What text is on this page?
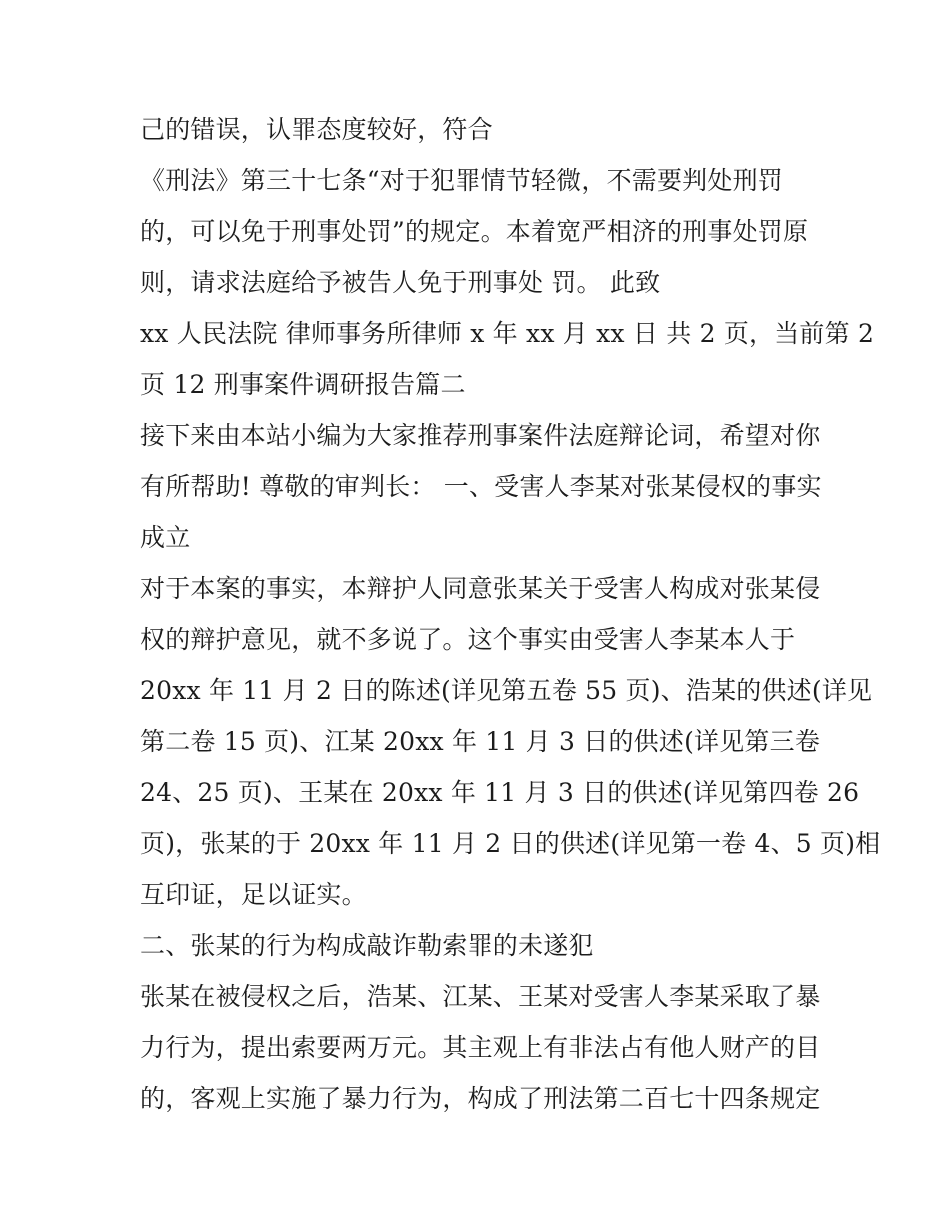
己的错误，认罪态度较好，符合
《刑法》第三十七条“对于犯罪情节轻微，不需要判处刑罚
的，可以免于刑事处罚”的规定。本着宽严相济的刑事处罚原
则，请求法庭给予被告人免于刑事处 罚。 此致
xx 人民法院 律师事务所律师 x 年 xx 月 xx 日 共 2 页，当前第 2
页 12 刑事案件调研报告篇二
接下来由本站小编为大家推荐刑事案件法庭辩论词，希望对你
有所帮助! 尊敬的审判长： 一、受害人李某对张某侵权的事实
成立
对于本案的事实，本辩护人同意张某关于受害人构成对张某侵
权的辩护意见，就不多说了。这个事实由受害人李某本人于
20xx 年 11 月 2 日的陈述(详见第五卷 55 页)、浩某的供述(详见
第二卷 15 页)、江某 20xx 年 11 月 3 日的供述(详见第三卷
24、25 页)、王某在 20xx 年 11 月 3 日的供述(详见第四卷 26
页)，张某的于 20xx 年 11 月 2 日的供述(详见第一卷 4、5 页)相
互印证，足以证实。
二、张某的行为构成敲诈勒索罪的未遂犯
张某在被侵权之后，浩某、江某、王某对受害人李某采取了暴
力行为，提出索要两万元。其主观上有非法占有他人财产的目
的，客观上实施了暴力行为，构成了刑法第二百七十四条规定
